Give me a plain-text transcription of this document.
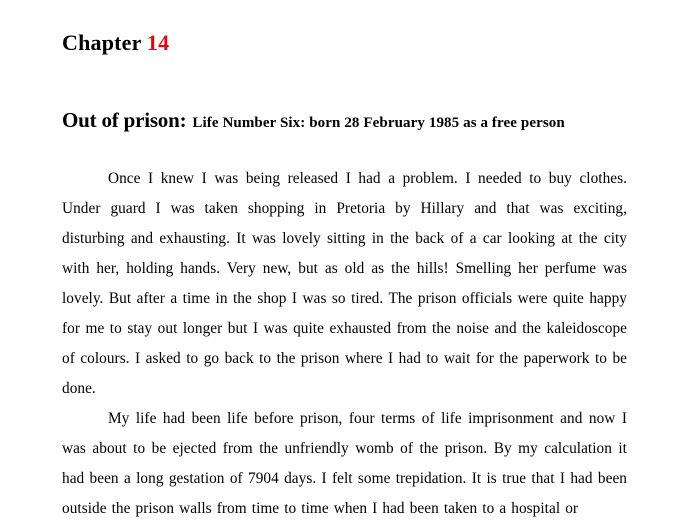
Chapter 14
Out of prison: Life Number Six: born 28 February 1985 as a free person

Once I knew I was being released I had a problem. I needed to buy clothes. Under guard I was taken shopping in Pretoria by Hillary and that was exciting, disturbing and exhausting. It was lovely sitting in the back of a car looking at the city with her, holding hands. Very new, but as old as the hills! Smelling her perfume was lovely. But after a time in the shop I was so tired. The prison officials were quite happy for me to stay out longer but I was quite exhausted from the noise and the kaleidoscope of colours. I asked to go back to the prison where I had to wait for the paperwork to be done.

My life had been life before prison, four terms of life imprisonment and now I was about to be ejected from the unfriendly womb of the prison. By my calculation it had been a long gestation of 7904 days. I felt some trepidation. It is true that I had been outside the prison walls from time to time when I had been taken to a hospital or
